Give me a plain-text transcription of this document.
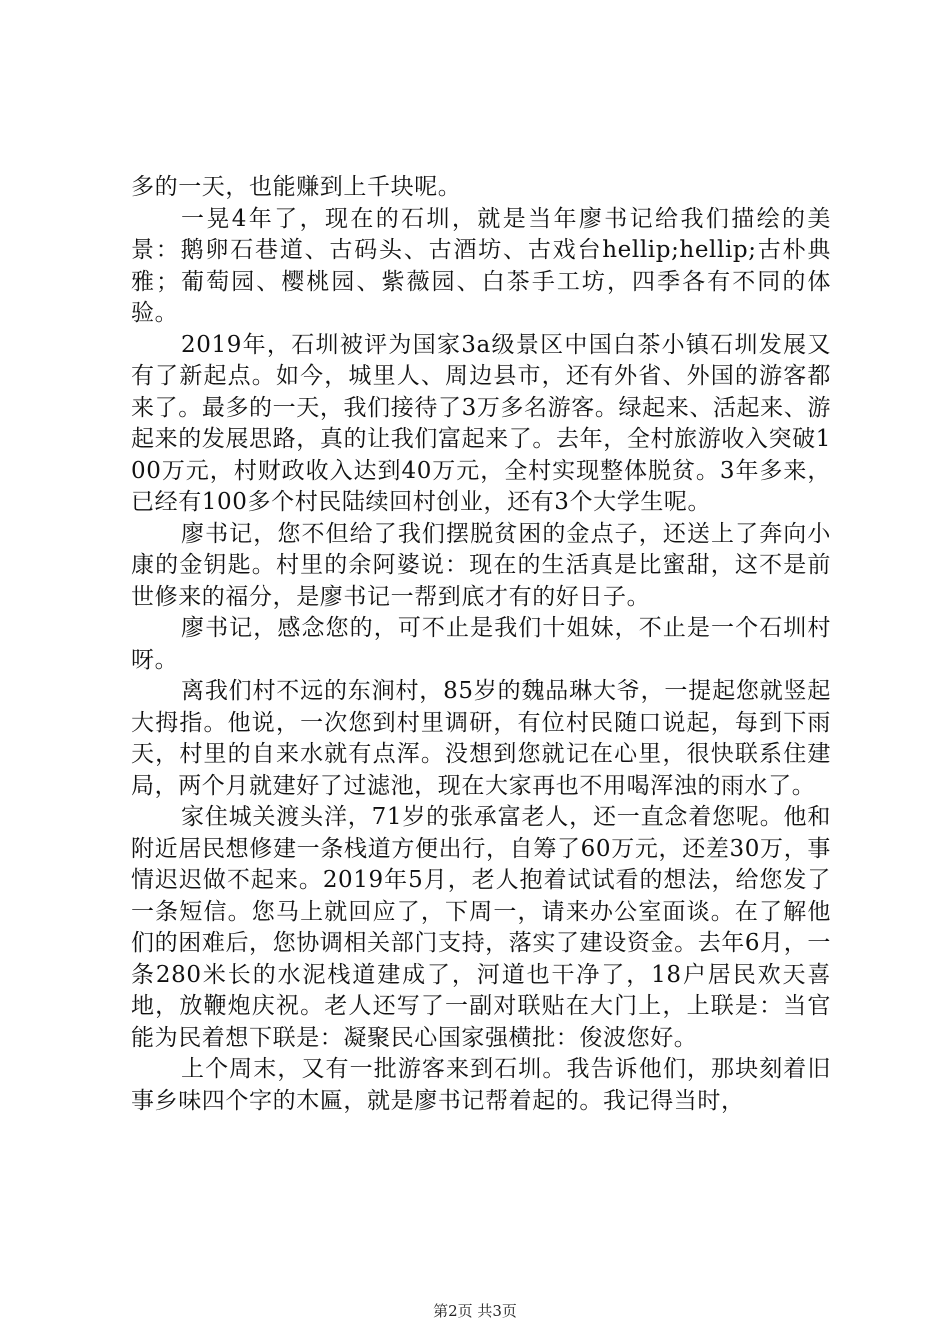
多的一天，也能赚到上千块呢。

一晃4年了，现在的石圳，就是当年廖书记给我们描绘的美景：鹅卵石巷道、古码头、古酒坊、古戏台hellip;hellip;古朴典雅；葡萄园、樱桃园、紫薇园、白茶手工坊，四季各有不同的体验。

2019年，石圳被评为国家3a级景区中国白茶小镇石圳发展又有了新起点。如今，城里人、周边县市，还有外省、外国的游客都来了。最多的一天，我们接待了3万多名游客。绿起来、活起来、游起来的发展思路，真的让我们富起来了。去年，全村旅游收入突破100万元，村财政收入达到40万元，全村实现整体脱贫。3年多来，已经有100多个村民陆续回村创业，还有3个大学生呢。

廖书记，您不但给了我们摆脱贫困的金点子，还送上了奔向小康的金钥匙。村里的余阿婆说：现在的生活真是比蜜甜，这不是前世修来的福分，是廖书记一帮到底才有的好日子。

廖书记，感念您的，可不止是我们十姐妹，不止是一个石圳村呀。

离我们村不远的东涧村，85岁的魏品琳大爷，一提起您就竖起大拇指。他说，一次您到村里调研，有位村民随口说起，每到下雨天，村里的自来水就有点浑。没想到您就记在心里，很快联系住建局，两个月就建好了过滤池，现在大家再也不用喝浑浊的雨水了。

家住城关渡头洋，71岁的张承富老人，还一直念着您呢。他和附近居民想修建一条栈道方便出行，自筹了60万元，还差30万，事情迟迟做不起来。2019年5月，老人抱着试试看的想法，给您发了一条短信。您马上就回应了，下周一，请来办公室面谈。在了解他们的困难后，您协调相关部门支持，落实了建设资金。去年6月，一条280米长的水泥栈道建成了，河道也干净了，18户居民欢天喜地，放鞭炮庆祝。老人还写了一副对联贴在大门上，上联是：当官能为民着想下联是：凝聚民心国家强横批：俊波您好。

上个周末，又有一批游客来到石圳。我告诉他们，那块刻着旧事乡味四个字的木匾，就是廖书记帮着起的。我记得当时，

第2页 共3页
